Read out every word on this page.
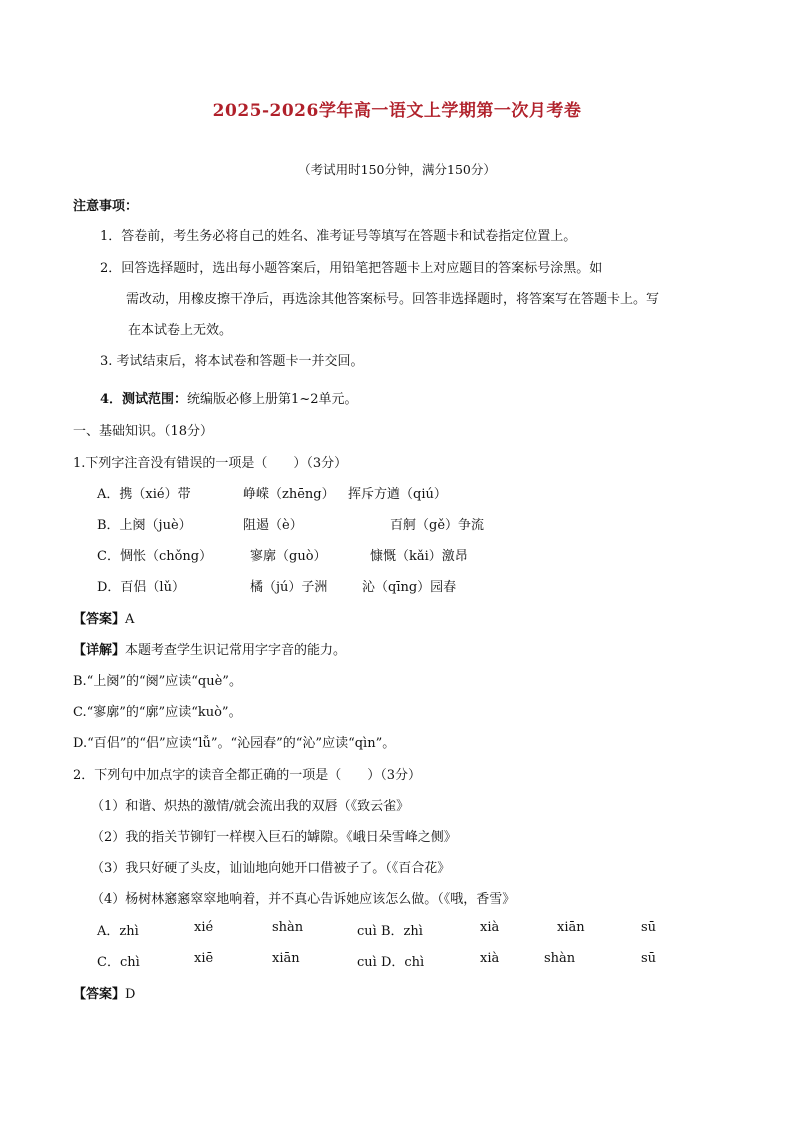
2025-2026学年高一语文上学期第一次月考卷
（考试用时150分钟，满分150分）
注意事项：
1．答卷前，考生务必将自己的姓名、准考证号等填写在答题卡和试卷指定位置上。
2．回答选择题时，选出每小题答案后，用铅笔把答题卡上对应题目的答案标号涂黑。如
需改动，用橡皮擦干净后，再选涂其他答案标号。回答非选择题时，将答案写在答题卡上。写
在本试卷上无效。
3. 考试结束后，将本试卷和答题卡一并交回。
4．测试范围：统编版必修上册第1~2单元。
一、基础知识。（18分）
1.下列字注音没有错误的一项是（　　）（3分）
A．携（xié）带	峥嵘（zhēng） 挥斥方遒（qiú）
B．上阕（juè）	阻遏（è）	百舸（gě）争流
C．惆怅（chǒng）	寥廓（guò）	慷慨（kǎi）激昂
D．百侣（lǔ）	橘（jú）子洲	沁（qīng）园春
【答案】A
【详解】本题考查学生识记常用字字音的能力。
B.“上阕”的“阕”应读“què”。
C.“寥廓”的“廓”应读“kuò”。
D.“百侣”的“侣”应读“lǚ”。“沁园春”的“沁”应读“qìn”。
2．下列句中加点字的读音全都正确的一项是（　　）（3分）
（1）和谐、炽热的激情/就会流出我的双唇（《致云雀》
（2）我的指关节铆钉一样楔入巨石的罅隙。《峨日朵雪峰之侧》
（3）我只好硬了头皮，讪讪地向她开口借被子了。（《百合花》
（4）杨树林窸窸窣窣地响着，并不真心告诉她应该怎么做。（《哦，香雪》
A．zhì	xié	shàn	cuì B．zhì	xià	xiān	sū
C．chì	xiē	xiān	cuì D．chì	xià	shàn	sū
【答案】D
